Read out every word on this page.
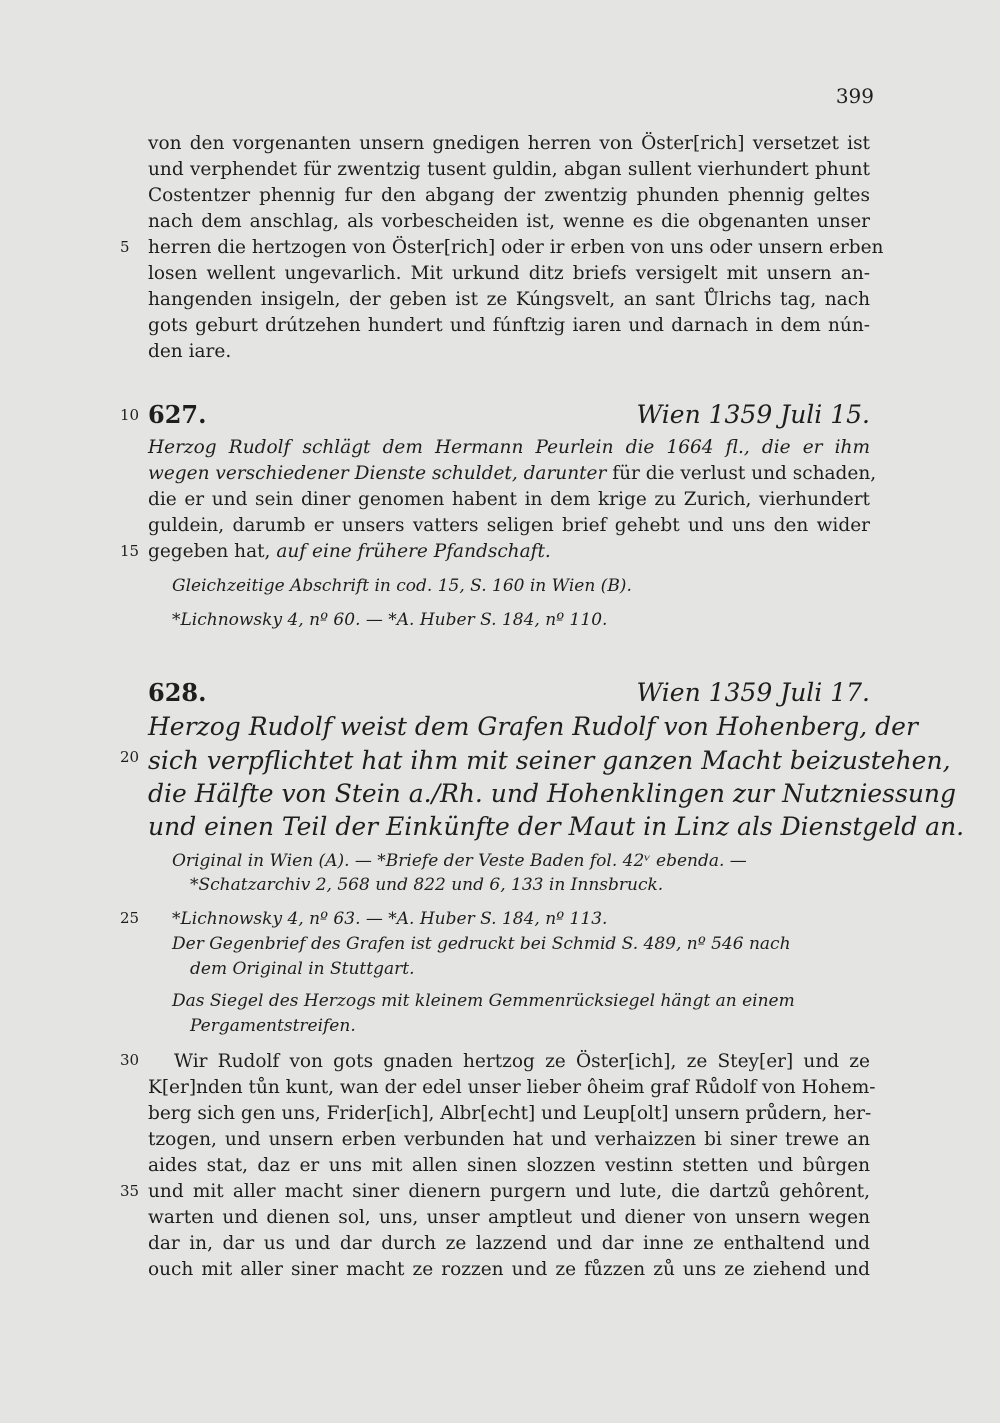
399
von den vorgenanten unsern gnedigen herren von Öster[rich] versetzet ist
und verphendet für zwentzig tusent guldin, abgan sullent vierhundert phunt
Costentzer phennig fur den abgang der zwentzig phunden phennig geltes
nach dem anschlag, als vorbescheiden ist, wenne es die obgenanten unser
5 herren die hertzogen von Öster[rich] oder ir erben von uns oder unsern erben
losen wellent ungevarlich. Mit urkund ditz briefs versigelt mit unsern an-
hangenden insigeln, der geben ist ze Kúngsvelt, an sant Ůlrichs tag, nach
gots geburt drútzehen hundert und fúnftzig iaren und darnach in dem nún-
den iare.
10 627.	Wien 1359 Juli 15.
Herzog Rudolf schlägt dem Hermann Peurlein die 1664 fl., die er ihm
wegen verschiedener Dienste schuldet, darunter für die verlust und schaden,
die er und sein diner genomen habent in dem krige zu Zurich, vierhundert
guldein, darumb er unsers vatters seligen brief gehebt und uns den wider
15 gegeben hat, auf eine frühere Pfandschaft.
Gleichzeitige Abschrift in cod. 15, S. 160 in Wien (B).
*Lichnowsky 4, nº 60. — *A. Huber S. 184, nº 110.
628.	Wien 1359 Juli 17.
Herzog Rudolf weist dem Grafen Rudolf von Hohenberg, der
20 sich verpflichtet hat ihm mit seiner ganzen Macht beizustehen,
die Hälfte von Stein a./Rh. und Hohenklingen zur Nutzniessung
und einen Teil der Einkünfte der Maut in Linz als Dienstgeld an.
Original in Wien (A). — *Briefe der Veste Baden fol. 42ᵛ ebenda. —
*Schatzarchiv 2, 568 und 822 und 6, 133 in Innsbruck.
25 *Lichnowsky 4, nº 63. — *A. Huber S. 184, nº 113.
Der Gegenbrief des Grafen ist gedruckt bei Schmid S. 489, nº 546 nach
dem Original in Stuttgart.
Das Siegel des Herzogs mit kleinem Gemmenrücksiegel hängt an einem
Pergamentstreifen.
30 Wir Rudolf von gots gnaden hertzog ze Öster[ich], ze Stey[er] und ze
K[er]nden tůn kunt, wan der edel unser lieber ôheim graf Růdolf von Hohem-
berg sich gen uns, Frider[ich], Albr[echt] und Leup[olt] unsern průdern, her-
tzogen, und unsern erben verbunden hat und verhaizzen bi siner trewe an
aides stat, daz er uns mit allen sinen slozzen vestinn stetten und bûrgen
35 und mit aller macht siner dienern purgern und lute, die dartzů gehôrent,
warten und dienen sol, uns, unser amptleut und diener von unsern wegen
dar in, dar us und dar durch ze lazzend und dar inne ze enthaltend und
ouch mit aller siner macht ze rozzen und ze fůzzen zů uns ze ziehend und
